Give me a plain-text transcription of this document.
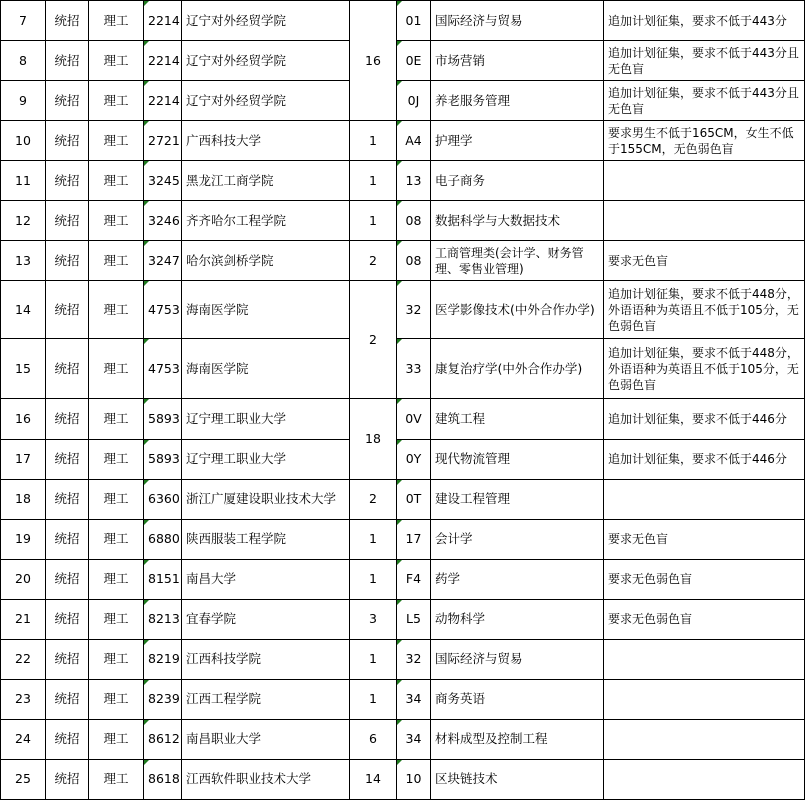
7	统招	理工	2214	辽宁对外经贸学院	16	01	国际经济与贸易	追加计划征集，要求不低于443分
8	统招	理工	2214	辽宁对外经贸学院		0E	市场营销	追加计划征集，要求不低于443分且无色盲
9	统招	理工	2214	辽宁对外经贸学院		0J	养老服务管理	追加计划征集，要求不低于443分且无色盲
10	统招	理工	2721	广西科技大学	1	A4	护理学	要求男生不低于165CM，女生不低于155CM，无色弱色盲
11	统招	理工	3245	黑龙江工商学院	1	13	电子商务	
12	统招	理工	3246	齐齐哈尔工程学院	1	08	数据科学与大数据技术	
13	统招	理工	3247	哈尔滨剑桥学院	2	08	工商管理类(会计学、财务管理、零售业管理)	要求无色盲
14	统招	理工	4753	海南医学院	2	32	医学影像技术(中外合作办学)	追加计划征集，要求不低于448分，外语语种为英语且不低于105分，无色弱色盲
15	统招	理工	4753	海南医学院		33	康复治疗学(中外合作办学)	追加计划征集，要求不低于448分，外语语种为英语且不低于105分，无色弱色盲
16	统招	理工	5893	辽宁理工职业大学	18	0V	建筑工程	追加计划征集，要求不低于446分
17	统招	理工	5893	辽宁理工职业大学		0Y	现代物流管理	追加计划征集，要求不低于446分
18	统招	理工	6360	浙江广厦建设职业技术大学	2	0T	建设工程管理	
19	统招	理工	6880	陕西服装工程学院	1	17	会计学	要求无色盲
20	统招	理工	8151	南昌大学	1	F4	药学	要求无色弱色盲
21	统招	理工	8213	宜春学院	3	L5	动物科学	要求无色弱色盲
22	统招	理工	8219	江西科技学院	1	32	国际经济与贸易	
23	统招	理工	8239	江西工程学院	1	34	商务英语	
24	统招	理工	8612	南昌职业大学	6	34	材料成型及控制工程	
25	统招	理工	8618	江西软件职业技术大学	14	10	区块链技术	
